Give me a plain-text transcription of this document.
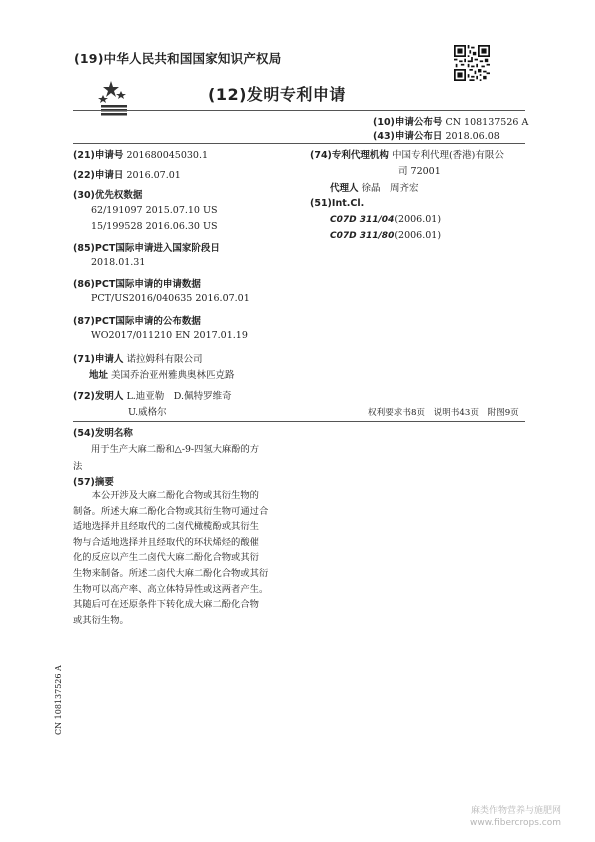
(19)中华人民共和国国家知识产权局
(12)发明专利申请
(10)申请公布号 CN 108137526 A
(43)申请公布日 2018.06.08
(21)申请号 201680045030.1
(22)申请日 2016.07.01
(30)优先权数据
62/191097 2015.07.10 US
15/199528 2016.06.30 US
(85)PCT国际申请进入国家阶段日
2018.01.31
(86)PCT国际申请的申请数据
PCT/US2016/040635 2016.07.01
(87)PCT国际申请的公布数据
WO2017/011210 EN 2017.01.19
(71)申请人 诺拉姆科有限公司
地址 美国乔治亚州雅典奥林匹克路
(72)发明人 L.迪亚勒　D.佩特罗维奇
U.威格尔
(74)专利代理机构 中国专利代理(香港)有限公
司 72001
代理人 徐晶　周齐宏
(51)Int.Cl.
C07D 311/04(2006.01)
C07D 311/80(2006.01)
权利要求书8页　说明书43页　附图9页
(54)发明名称
用于生产大麻二酚和△-9-四氢大麻酚的方
法
(57)摘要
　　本公开涉及大麻二酚化合物或其衍生物的
制备。所述大麻二酚化合物或其衍生物可通过合
适地选择并且经取代的二卤代橄榄酚或其衍生
物与合适地选择并且经取代的环状烯烃的酸催
化的反应以产生二卤代大麻二酚化合物或其衍
生物来制备。所述二卤代大麻二酚化合物或其衍
生物可以高产率、高立体特异性或这两者产生。
其随后可在还原条件下转化成大麻二酚化合物
或其衍生物。
CN 108137526 A
麻类作物营养与施肥网
www.fibercrops.com
